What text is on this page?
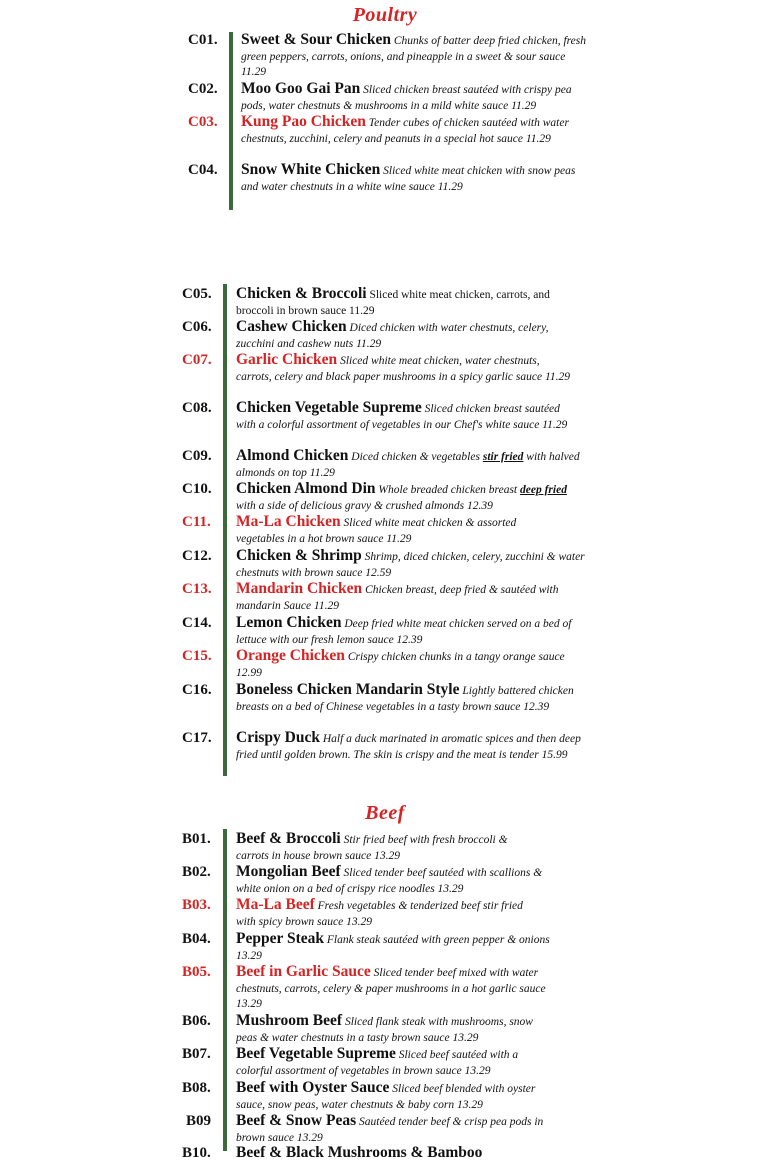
Poultry
C01. Sweet & Sour Chicken Chunks of batter deep fried chicken, fresh green peppers, carrots, onions, and pineapple in a sweet & sour sauce 11.29
C02. Moo Goo Gai Pan Sliced chicken breast sautéed with crispy pea pods, water chestnuts & mushrooms in a mild white sauce 11.29
C03. Kung Pao Chicken Tender cubes of chicken sautéed with water chestnuts, zucchini, celery and peanuts in a special hot sauce 11.29
C04. Snow White Chicken Sliced white meat chicken with snow peas and water chestnuts in a white wine sauce 11.29
C05. Chicken & Broccoli Sliced white meat chicken, carrots, and broccoli in brown sauce 11.29
C06. Cashew Chicken Diced chicken with water chestnuts, celery, zucchini and cashew nuts 11.29
C07. Garlic Chicken Sliced white meat chicken, water chestnuts, carrots, celery and black paper mushrooms in a spicy garlic sauce 11.29
C08. Chicken Vegetable Supreme Sliced chicken breast sautéed with a colorful assortment of vegetables in our Chef's white sauce 11.29
C09. Almond Chicken Diced chicken & vegetables stir fried with halved almonds on top 11.29
C10. Chicken Almond Din Whole breaded chicken breast deep fried with a side of delicious gravy & crushed almonds 12.39
C11. Ma-La Chicken Sliced white meat chicken & assorted vegetables in a hot brown sauce 11.29
C12. Chicken & Shrimp Shrimp, diced chicken, celery, zucchini & water chestnuts with brown sauce 12.59
C13. Mandarin Chicken Chicken breast, deep fried & sautéed with mandarin Sauce 11.29
C14. Lemon Chicken Deep fried white meat chicken served on a bed of lettuce with our fresh lemon sauce 12.39
C15. Orange Chicken Crispy chicken chunks in a tangy orange sauce 12.99
C16. Boneless Chicken Mandarin Style Lightly battered chicken breasts on a bed of Chinese vegetables in a tasty brown sauce 12.39
C17. Crispy Duck Half a duck marinated in aromatic spices and then deep fried until golden brown. The skin is crispy and the meat is tender 15.99
Beef
B01. Beef & Broccoli Stir fried beef with fresh broccoli & carrots in house brown sauce 13.29
B02. Mongolian Beef Sliced tender beef sautéed with scallions & white onion on a bed of crispy rice noodles 13.29
B03. Ma-La Beef Fresh vegetables & tenderized beef stir fried with spicy brown sauce 13.29
B04. Pepper Steak Flank steak sautéed with green pepper & onions 13.29
B05. Beef in Garlic Sauce Sliced tender beef mixed with water chestnuts, carrots, celery & paper mushrooms in a hot garlic sauce 13.29
B06. Mushroom Beef Sliced flank steak with mushrooms, snow peas & water chestnuts in a tasty brown sauce 13.29
B07. Beef Vegetable Supreme Sliced beef sautéed with a colorful assortment of vegetables in brown sauce 13.29
B08. Beef with Oyster Sauce Sliced beef blended with oyster sauce, snow peas, water chestnuts & baby corn 13.29
B09 Beef & Snow Peas Sautéed tender beef & crisp pea pods in brown sauce 13.29
B10. Beef & Black Mushrooms & Bamboo
